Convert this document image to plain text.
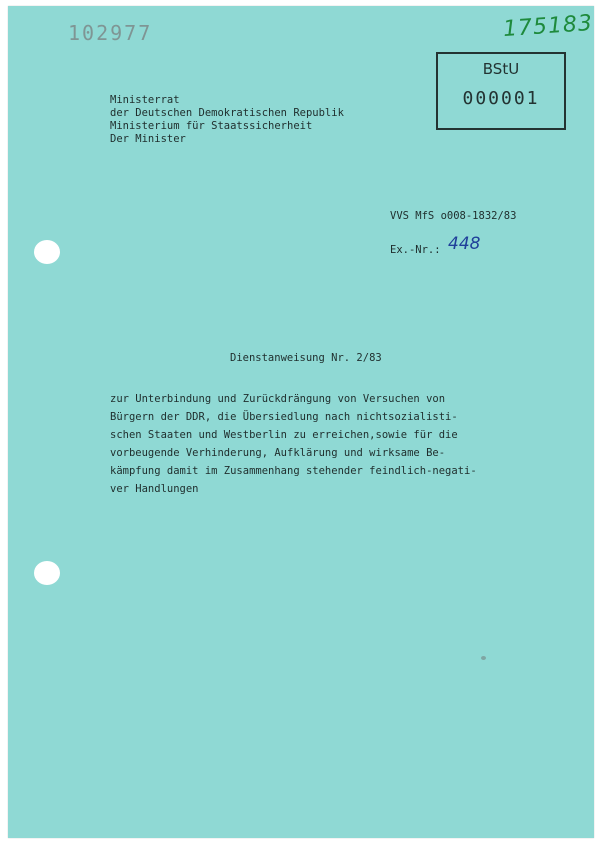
102977	175183
BStU
000001
Ministerrat
der Deutschen Demokratischen Republik
Ministerium für Staatssicherheit
Der Minister
VVS MfS o008-1832/83
Ex.-Nr.: 448
Dienstanweisung Nr. 2/83
zur Unterbindung und Zurückdrängung von Versuchen von
Bürgern der DDR, die Übersiedlung nach nichtsozialisti-
schen Staaten und Westberlin zu erreichen,sowie für die
vorbeugende Verhinderung, Aufklärung und wirksame Be-
kämpfung damit im Zusammenhang stehender feindlich-negati-
ver Handlungen
